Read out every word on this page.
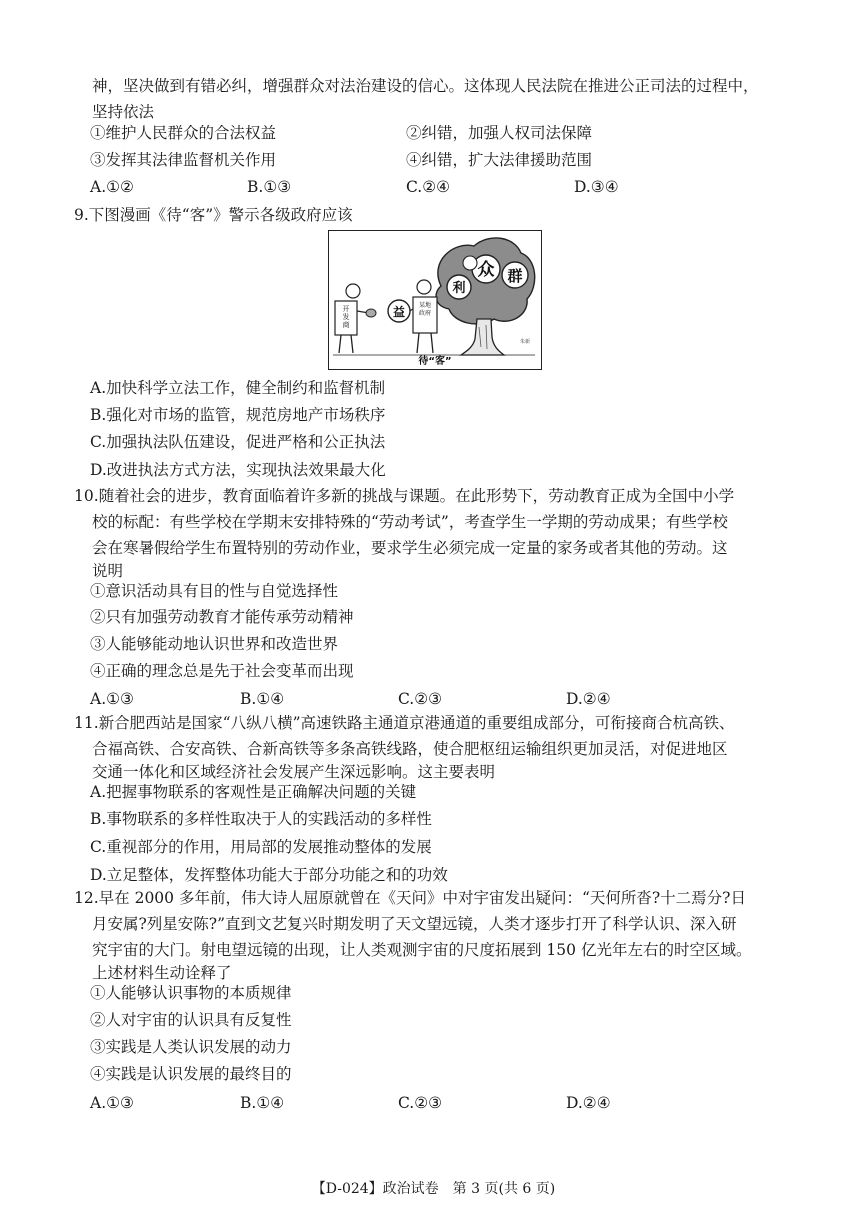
神，坚决做到有错必纠，增强群众对法治建设的信心。这体现人民法院在推进公正司法的过程中，
坚持依法
①维护人民群众的合法权益	②纠错，加强人权司法保障
③发挥其法律监督机关作用	④纠错，扩大法律援助范围
A.①②	B.①③	C.②④	D.③④
9.下图漫画《待“客”》警示各级政府应该
众 群
利
开发商
某地政府
益
朱新
待“客”
A.加快科学立法工作，健全制约和监督机制
B.强化对市场的监管，规范房地产市场秩序
C.加强执法队伍建设，促进严格和公正执法
D.改进执法方式方法，实现执法效果最大化
10.随着社会的进步，教育面临着许多新的挑战与课题。在此形势下，劳动教育正成为全国中小学
校的标配：有些学校在学期末安排特殊的“劳动考试”，考查学生一学期的劳动成果；有些学校
会在寒暑假给学生布置特别的劳动作业，要求学生必须完成一定量的家务或者其他的劳动。这
说明
①意识活动具有目的性与自觉选择性
②只有加强劳动教育才能传承劳动精神
③人能够能动地认识世界和改造世界
④正确的理念总是先于社会变革而出现
A.①③	B.①④	C.②③	D.②④
11.新合肥西站是国家“八纵八横”高速铁路主通道京港通道的重要组成部分，可衔接商合杭高铁、
合福高铁、合安高铁、合新高铁等多条高铁线路，使合肥枢纽运输组织更加灵活，对促进地区
交通一体化和区域经济社会发展产生深远影响。这主要表明
A.把握事物联系的客观性是正确解决问题的关键
B.事物联系的多样性取决于人的实践活动的多样性
C.重视部分的作用，用局部的发展推动整体的发展
D.立足整体，发挥整体功能大于部分功能之和的功效
12.早在 2000 多年前，伟大诗人屈原就曾在《天问》中对宇宙发出疑问：“天何所沓?十二焉分?日
月安属?列星安陈?”直到文艺复兴时期发明了天文望远镜，人类才逐步打开了科学认识、深入研
究宇宙的大门。射电望远镜的出现，让人类观测宇宙的尺度拓展到 150 亿光年左右的时空区域。
上述材料生动诠释了
①人能够认识事物的本质规律
②人对宇宙的认识具有反复性
③实践是人类认识发展的动力
④实践是认识发展的最终目的
A.①③	B.①④	C.②③	D.②④
【D-024】政治试卷　第 3 页(共 6 页)
